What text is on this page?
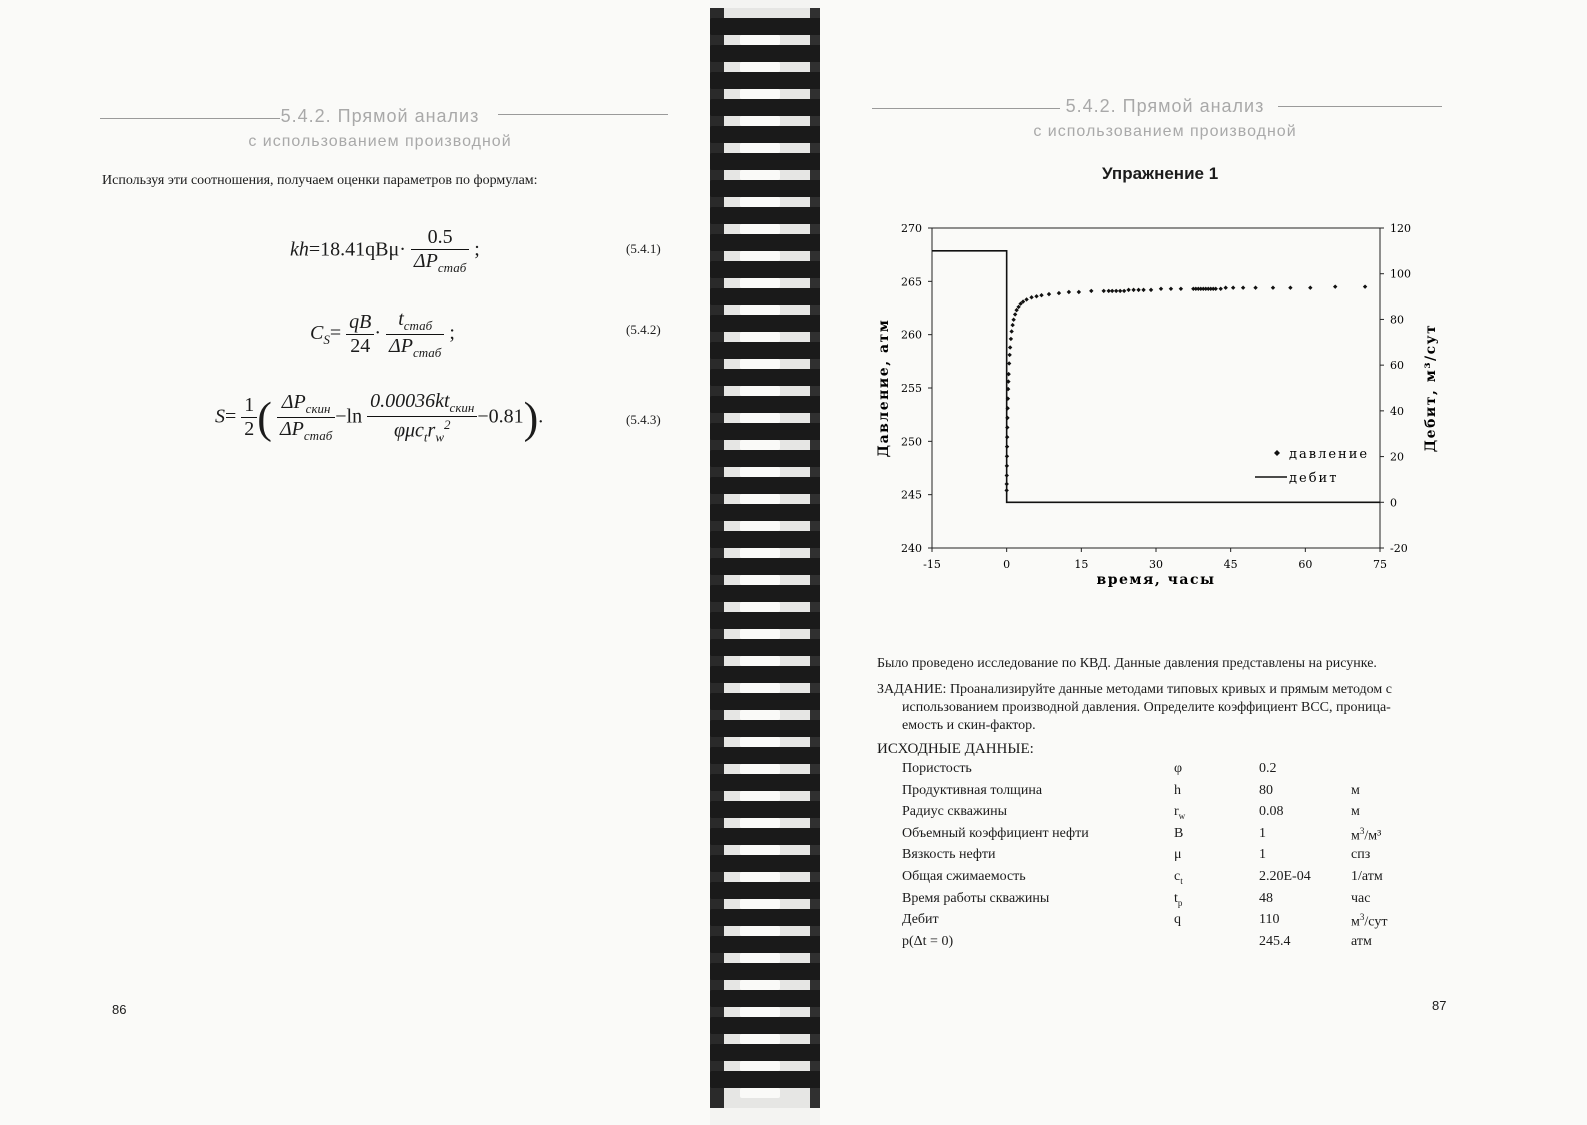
5.4.2. Прямой анализ
с использованием производной
Используя эти соотношения, получаем оценки параметров по формулам:
$kh=18.41qB\mu\cdot \frac{0.5}{\Delta P_{стаб}}$ ;	(5.4.1)
$C_S= \frac{qB}{24} \cdot \frac{t_{стаб}}{\Delta P_{стаб}}$ ;	(5.4.2)
$S= \frac{1}{2}$ ( $\frac{\Delta P_{скин}}{\Delta P_{стаб}} -\ln \frac{0.00036kt_{скин}}{\varphi\mu c_tr_w^2} -0.81$).	(5.4.3)
86
5.4.2. Прямой анализ
с использованием производной
Упражнение 1
Было проведено исследование по КВД. Данные давления представлены на рисунке.
ЗАДАНИЕ: Проанализируйте данные методами типовых кривых и прямым методом с
использованием производной давления. Определите коэффициент ВСС, проница-
емость и скин-фактор.
ИСХОДНЫЕ ДАННЫЕ:
Пористость	φ	0.2	
Продуктивная толщина	h	80	м
Радиус скважины	$r_w$	0.08	м
Объемный коэффициент нефти	B	1	$м^3/м^3$
Вязкость нефти	μ	1	спз
Общая сжимаемость	$c_t$	2.20E-04	1/атм
Время работы скважины	$t_p$	48	час
Дебит	q	110	$м^3$/сут
p(Δt = 0)		245.4	атм
87
240
245
250
255
260
265
270
-20
0
20
40
60
80
100
120
-15	0	15	30	45	60	75
время, часы
Давление, атм	Дебит, м³/сут
давление
дебит
